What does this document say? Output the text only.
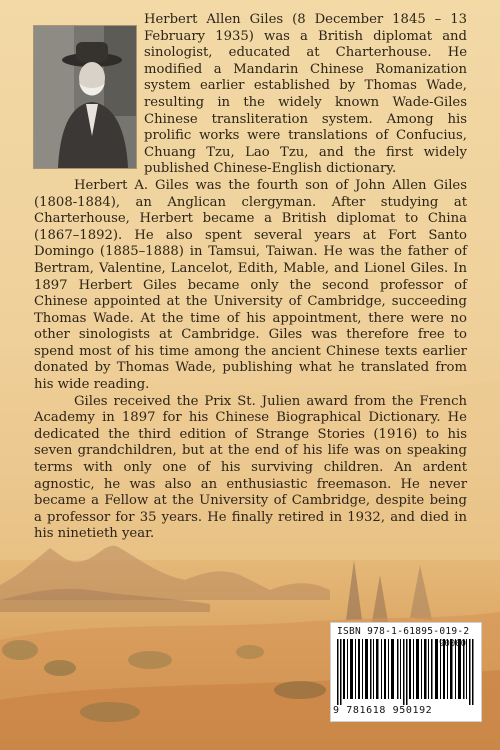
Herbert Allen Giles (8 December 1845 – 13 February 1935) was a British diplomat and sinologist, educated at Charterhouse. He modified a Mandarin Chinese Romanization system earlier established by Thomas Wade, resulting in the widely known Wade-Giles Chinese transliteration system. Among his prolific works were translations of Confucius, Chuang Tzu, Lao Tzu, and the first widely published Chinese-English dictionary.

Herbert A. Giles was the fourth son of John Allen Giles (1808-1884), an Anglican clergyman. After studying at Charterhouse, Herbert became a British diplomat to China (1867–1892). He also spent several years at Fort Santo Domingo (1885–1888) in Tamsui, Taiwan. He was the father of Bertram, Valentine, Lancelot, Edith, Mable, and Lionel Giles. In 1897 Herbert Giles became only the second professor of Chinese appointed at the University of Cambridge, succeeding Thomas Wade. At the time of his appointment, there were no other sinologists at Cambridge. Giles was therefore free to spend most of his time among the ancient Chinese texts earlier donated by Thomas Wade, publishing what he translated from his wide reading.

Giles received the Prix St. Julien award from the French Academy in 1897 for his Chinese Biographical Dictionary. He dedicated the third edition of Strange Stories (1916) to his seven grandchildren, but at the end of his life was on speaking terms with only one of his surviving children. An ardent agnostic, he was also an enthusiastic freemason. He never became a Fellow at the University of Cambridge, despite being a professor for 35 years. He finally retired in 1932, and died in his ninetieth year.

ISBN 978-1-61895-019-2
90000
9 781618 950192
